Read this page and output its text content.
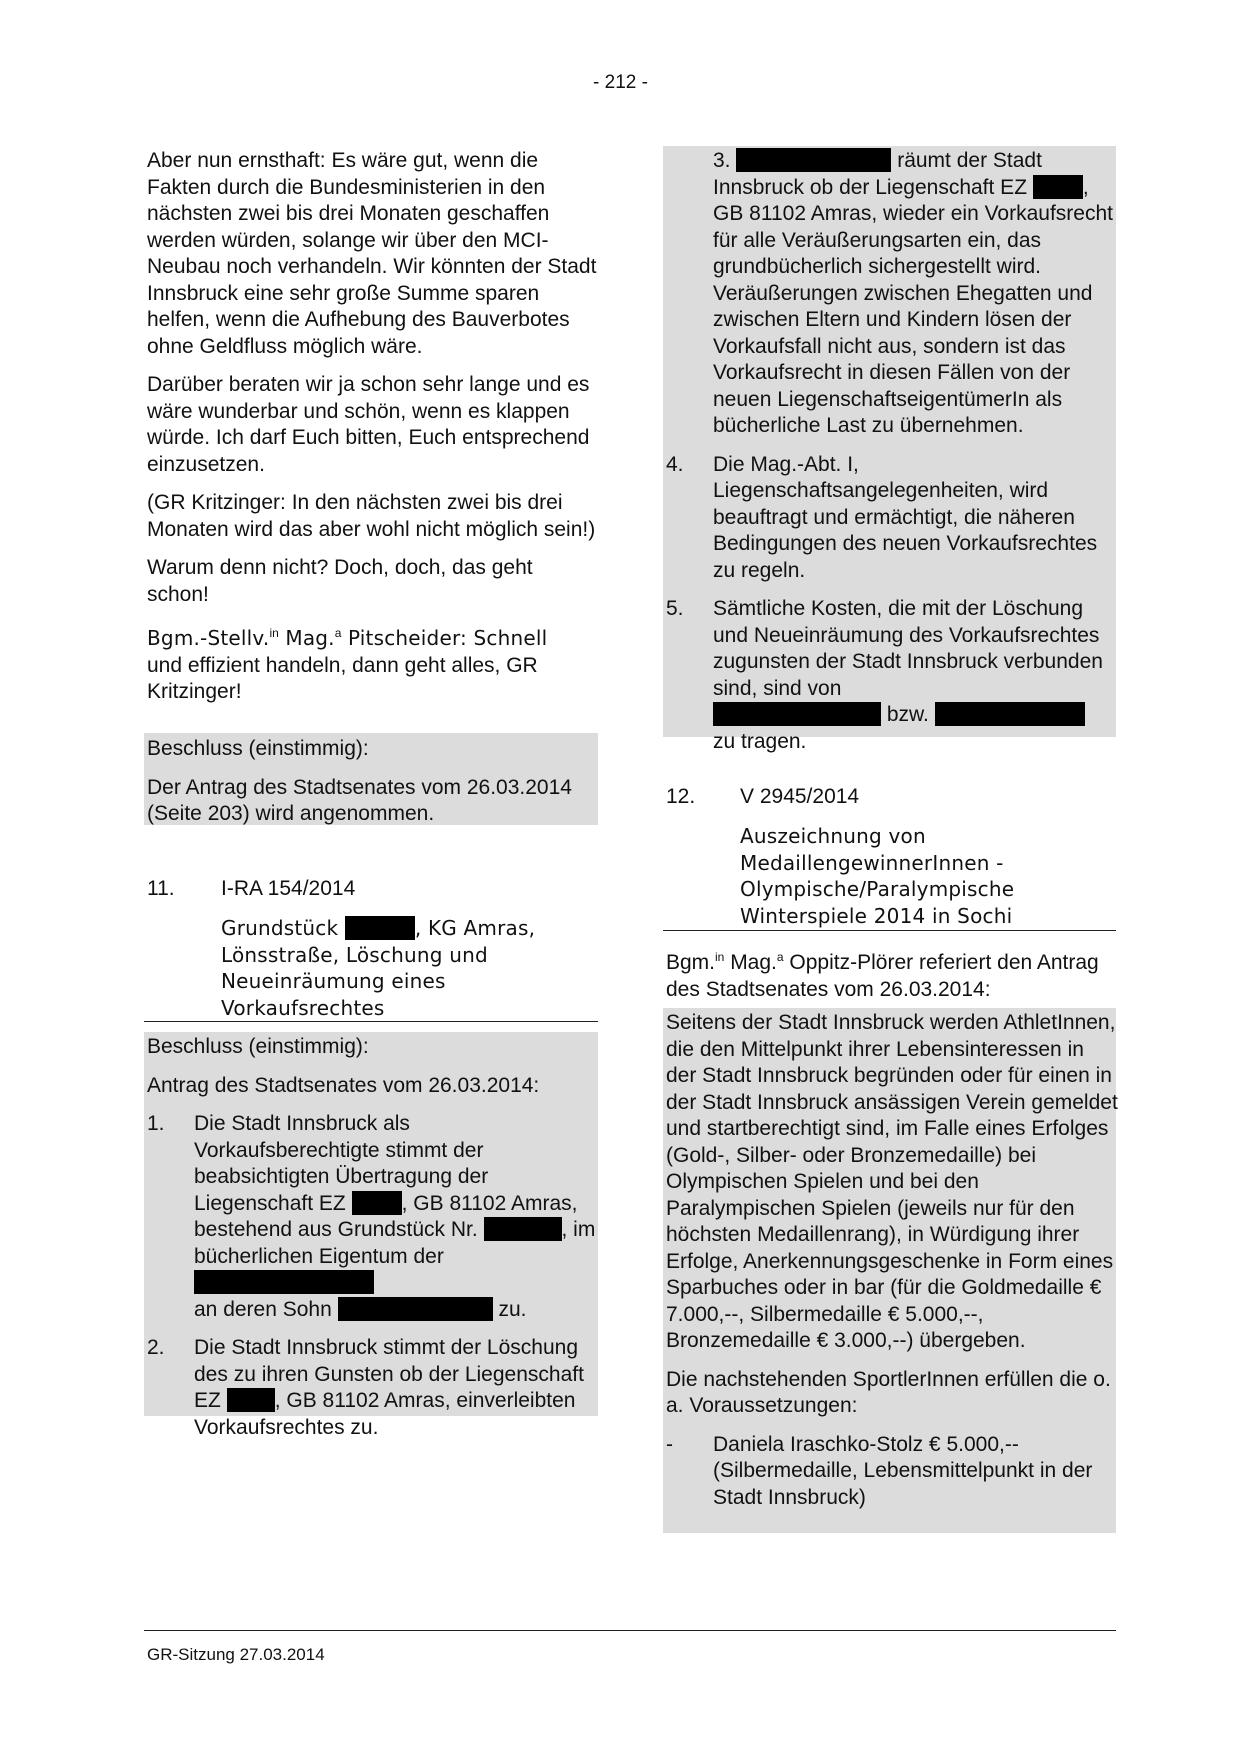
- 212 -

Aber nun ernsthaft: Es wäre gut, wenn die Fakten durch die Bundesministerien in den nächsten zwei bis drei Monaten geschaffen werden würden, solange wir über den MCI-Neubau noch verhandeln. Wir könnten der Stadt Innsbruck eine sehr große Summe sparen helfen, wenn die Aufhebung des Bauverbotes ohne Geldfluss möglich wäre.

Darüber beraten wir ja schon sehr lange und es wäre wunderbar und schön, wenn es klappen würde. Ich darf Euch bitten, Euch entsprechend einzusetzen.

(GR Kritzinger: In den nächsten zwei bis drei Monaten wird das aber wohl nicht möglich sein!)

Warum denn nicht? Doch, doch, das geht schon!

Bgm.-Stellv.$^{in}$ Mag.$^a$ Pitscheider: Schnell
und effizient handeln, dann geht alles, GR Kritzinger!

Beschluss (einstimmig):
Der Antrag des Stadtsenates vom 26.03.2014 (Seite 203) wird angenommen.
11.	I-RA 154/2014
Grundstück	, KG Amras, Lönsstraße, Löschung und Neueinräumung eines Vorkaufsrechtes
Beschluss (einstimmig):
Antrag des Stadtsenates vom 26.03.2014:
1.	Die Stadt Innsbruck als Vorkaufsberechtigte stimmt der beabsichtigten Übertragung der Liegenschaft EZ	, GB 81102 Amras, bestehend aus Grundstück Nr.	, im bücherlichen Eigentum der
an deren Sohn	zu.
2.	Die Stadt Innsbruck stimmt der Löschung des zu ihren Gunsten ob der Liegenschaft EZ	, GB 81102 Amras, einverleibten Vorkaufsrechtes zu.
3.	räumt der Stadt Innsbruck ob der Liegenschaft EZ	, GB 81102 Amras, wieder ein Vorkaufsrecht für alle Veräußerungsarten ein, das grundbücherlich sichergestellt wird. Veräußerungen zwischen Ehegatten und zwischen Eltern und Kindern lösen der Vorkaufsfall nicht aus, sondern ist das Vorkaufsrecht in diesen Fällen von der neuen LiegenschaftseigentümerIn als bücherliche Last zu übernehmen.
4.	Die Mag.-Abt. I, Liegenschaftsangelegenheiten, wird beauftragt und ermächtigt, die näheren Bedingungen des neuen Vorkaufsrechtes zu regeln.
5.	Sämtliche Kosten, die mit der Löschung und Neueinräumung des Vorkaufsrechtes zugunsten der Stadt Innsbruck verbunden sind, sind von
bzw.
zu tragen.
12.	V 2945/2014
Auszeichnung von MedaillengewinnerInnen - Olympische/Paralympische Winterspiele 2014 in Sochi
Bgm.$^{in}$ Mag.$^a$ Oppitz-Plörer referiert den Antrag des Stadtsenates vom 26.03.2014:

Seitens der Stadt Innsbruck werden AthletInnen, die den Mittelpunkt ihrer Lebensinteressen in der Stadt Innsbruck begründen oder für einen in der Stadt Innsbruck ansässigen Verein gemeldet und startberechtigt sind, im Falle eines Erfolges (Gold-, Silber- oder Bronzemedaille) bei Olympischen Spielen und bei den Paralympischen Spielen (jeweils nur für den höchsten Medaillenrang), in Würdigung ihrer Erfolge, Anerkennungsgeschenke in Form eines Sparbuches oder in bar (für die Goldmedaille € 7.000,--, Silbermedaille € 5.000,--, Bronzemedaille € 3.000,--) übergeben.

Die nachstehenden SportlerInnen erfüllen die o. a. Voraussetzungen:

-	Daniela Iraschko-Stolz € 5.000,-- (Silbermedaille, Lebensmittelpunkt in der Stadt Innsbruck)
GR-Sitzung 27.03.2014
